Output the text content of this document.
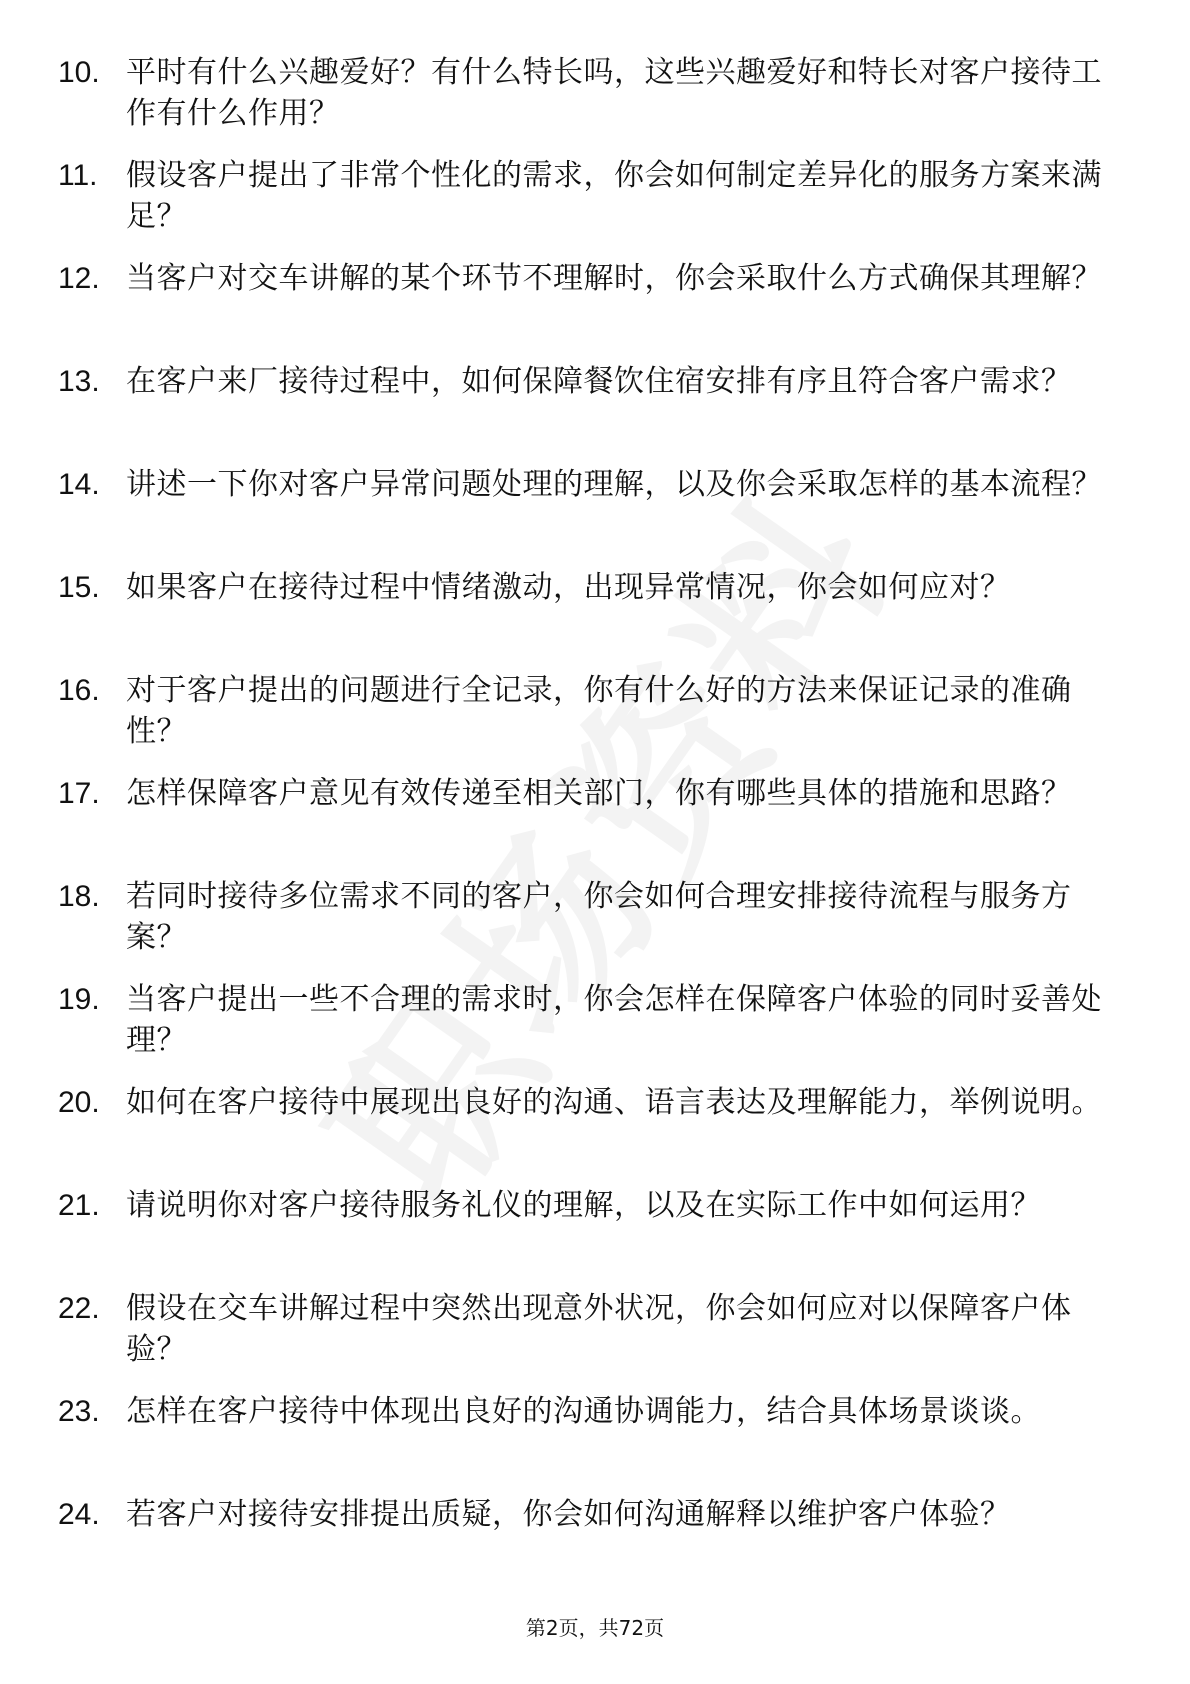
10. 平时有什么兴趣爱好？有什么特长吗，这些兴趣爱好和特长对客户接待工作有什么作用？
11. 假设客户提出了非常个性化的需求，你会如何制定差异化的服务方案来满足？
12. 当客户对交车讲解的某个环节不理解时，你会采取什么方式确保其理解？
13. 在客户来厂接待过程中，如何保障餐饮住宿安排有序且符合客户需求？
14. 讲述一下你对客户异常问题处理的理解，以及你会采取怎样的基本流程？
15. 如果客户在接待过程中情绪激动，出现异常情况，你会如何应对？
16. 对于客户提出的问题进行全记录，你有什么好的方法来保证记录的准确性？
17. 怎样保障客户意见有效传递至相关部门，你有哪些具体的措施和思路？
18. 若同时接待多位需求不同的客户，你会如何合理安排接待流程与服务方案？
19. 当客户提出一些不合理的需求时，你会怎样在保障客户体验的同时妥善处理？
20. 如何在客户接待中展现出良好的沟通、语言表达及理解能力，举例说明。
21. 请说明你对客户接待服务礼仪的理解，以及在实际工作中如何运用？
22. 假设在交车讲解过程中突然出现意外状况，你会如何应对以保障客户体验？
23. 怎样在客户接待中体现出良好的沟通协调能力，结合具体场景谈谈。
24. 若客户对接待安排提出质疑，你会如何沟通解释以维护客户体验？
第2页，共72页
